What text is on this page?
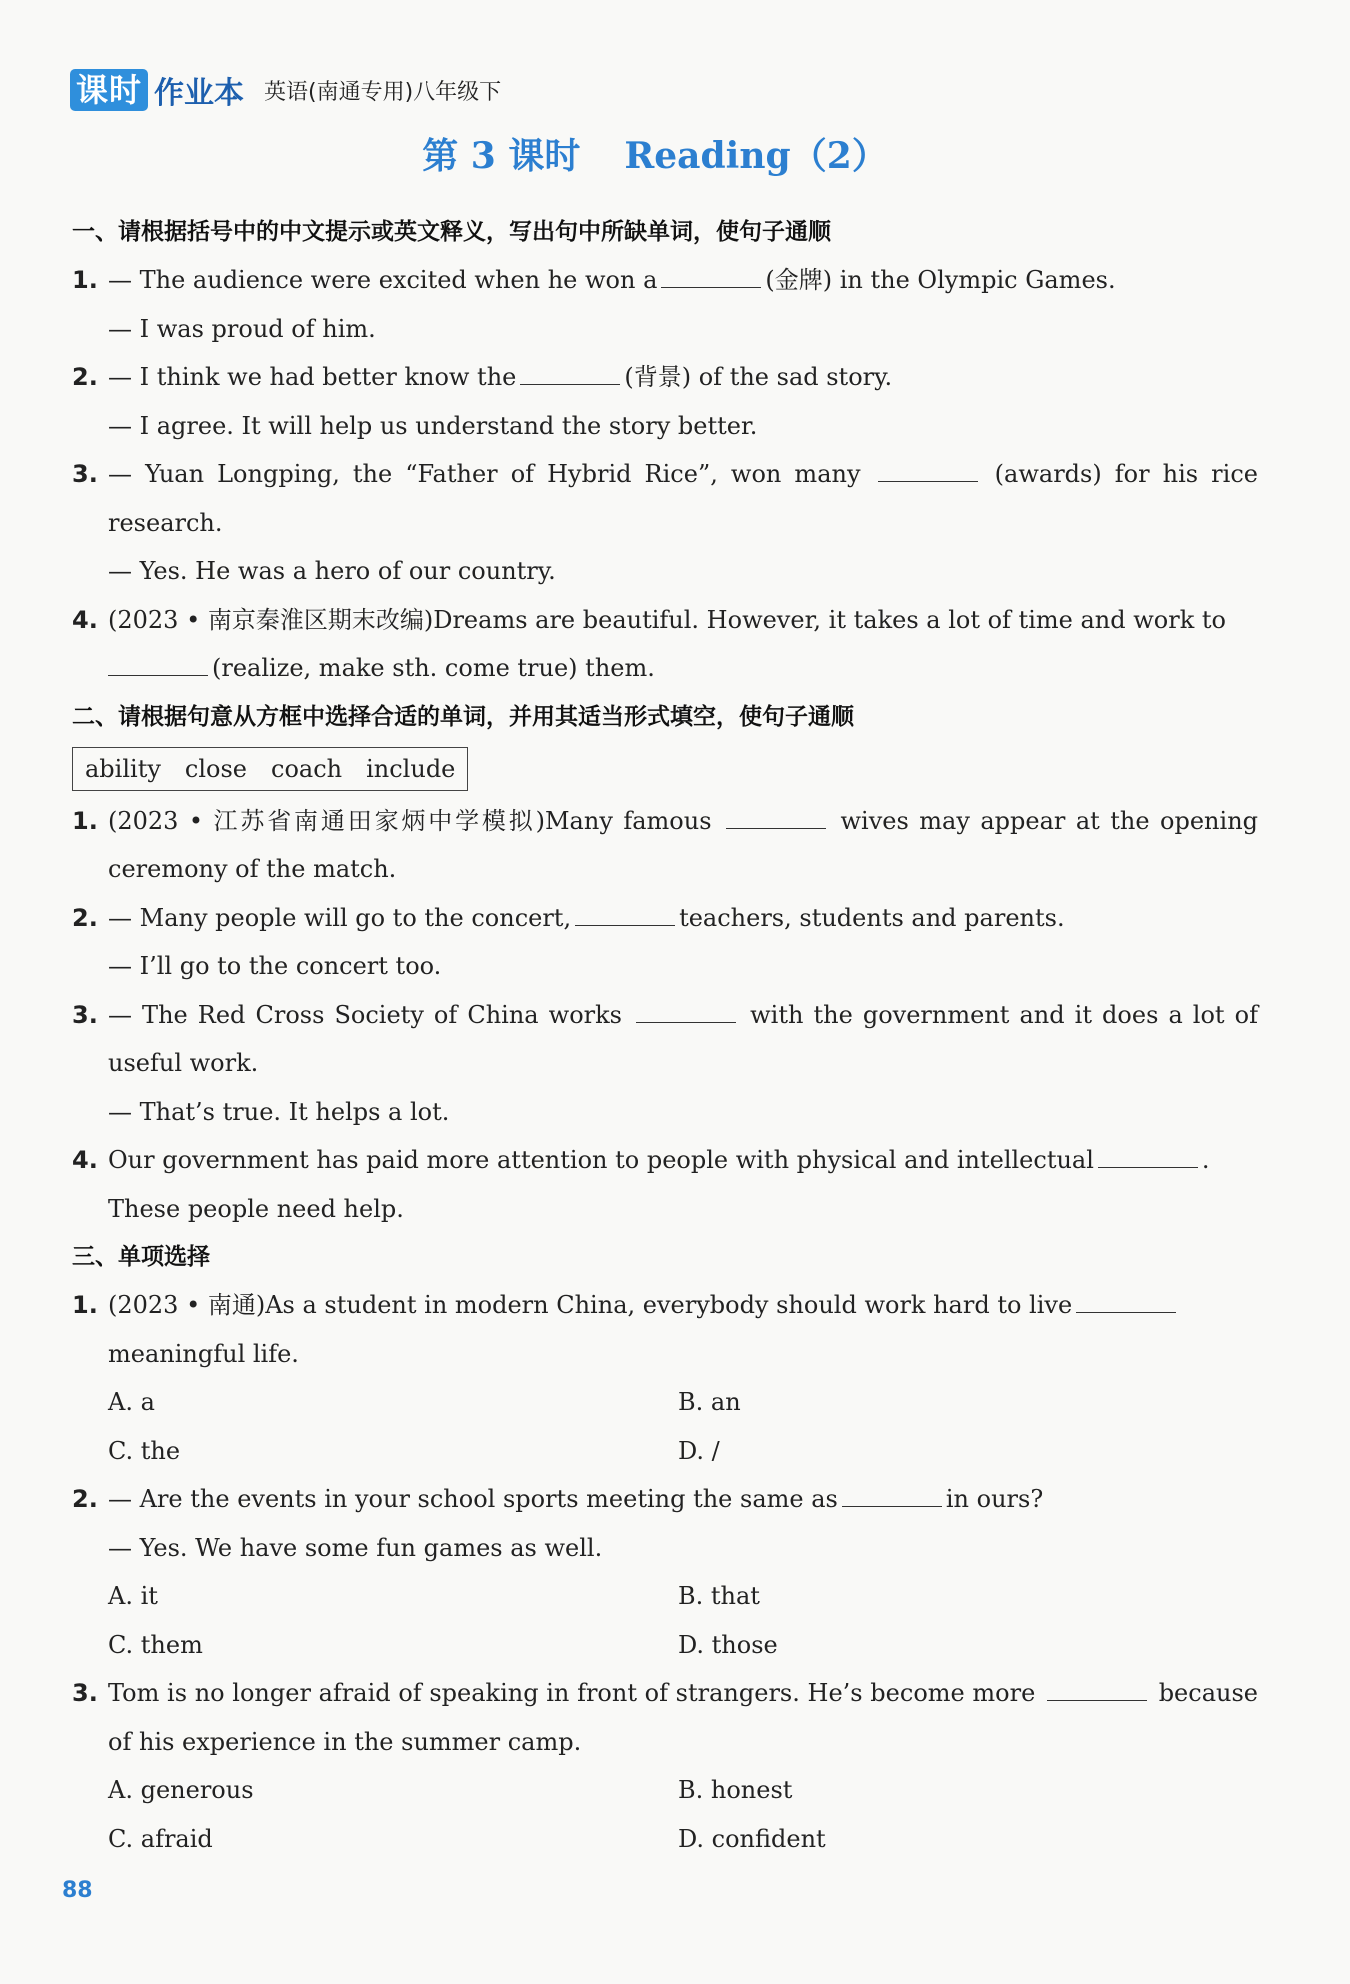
课时 作业本 英语(南通专用)八年级下
第 3 课时 Reading（2）
一、请根据括号中的中文提示或英文释义，写出句中所缺单词，使句子通顺
1. — The audience were excited when he won a	(金牌) in the Olympic Games.
— I was proud of him.
2. — I think we had better know the	(背景) of the sad story.
— I agree. It will help us understand the story better.
3. — Yuan Longping, the “Father of Hybrid Rice”, won many	(awards) for his rice
research.
— Yes. He was a hero of our country.
4. (2023 • 南京秦淮区期末改编)Dreams are beautiful. However, it takes a lot of time and work to
(realize, make sth. come true) them.
二、请根据句意从方框中选择合适的单词，并用其适当形式填空，使句子通顺
ability close coach include
1. (2023 • 江苏省南通田家炳中学模拟)Many famous	wives may appear at the opening
ceremony of the match.
2. — Many people will go to the concert,	teachers, students and parents.
— I’ll go to the concert too.
3. — The Red Cross Society of China works	with the government and it does a lot of
useful work.
— That’s true. It helps a lot.
4. Our government has paid more attention to people with physical and intellectual	.
These people need help.
三、单项选择
1. (2023 • 南通)As a student in modern China, everybody should work hard to live
meaningful life.
A. a	B. an
C. the	D. /
2. — Are the events in your school sports meeting the same as	in ours?
— Yes. We have some fun games as well.
A. it	B. that
C. them	D. those
3. Tom is no longer afraid of speaking in front of strangers. He’s become more	because
of his experience in the summer camp.
A. generous	B. honest
C. afraid	D. confident
88
